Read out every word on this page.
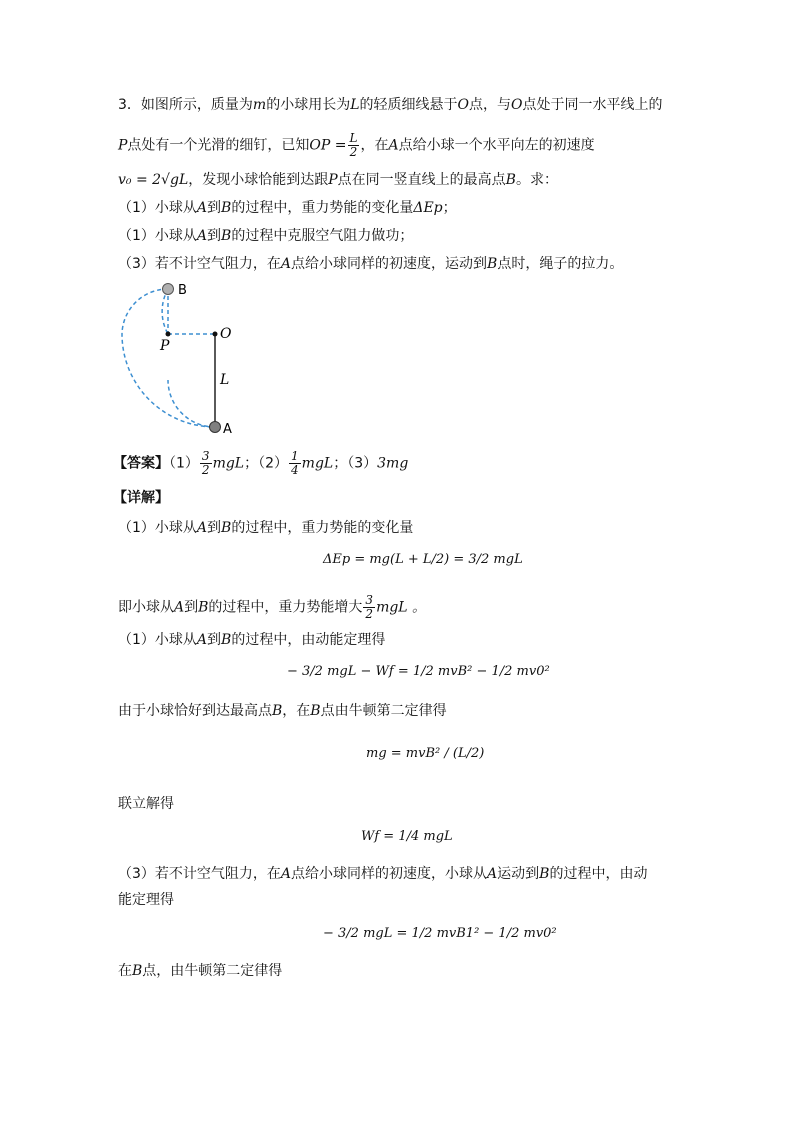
3．如图所示，质量为m的小球用长为L的轻质细线悬于O点，与O点处于同一水平线上的
P点处有一个光滑的细钉，已知OP = $\frac{L}{2}$ ，在A点给小球一个水平向左的初速度
v₀ = 2√gL，发现小球恰能到达跟P点在同一竖直线上的最高点B。求：
（1）小球从A到B的过程中，重力势能的变化量ΔEp；
（1）小球从A到B的过程中克服空气阻力做功；
（3）若不计空气阻力，在A点给小球同样的初速度，运动到B点时，绳子的拉力。
B
P
O
L
A
【答案】$(1) \frac{3}{2}$ mgL；$(2) \frac{1}{4}$ mgL；（3）3mg
【详解】
（1）小球从A到B的过程中，重力势能的变化量
ΔEp = mg(L + L/2) = 3/2 mgL
即小球从A到B的过程中，重力势能增大 $\frac{3}{2}$ mgL 。
（1）小球从A到B的过程中，由动能定理得
− 3/2 mgL − Wf = 1/2 mvB² − 1/2 mv0²
由于小球恰好到达最高点B，在B点由牛顿第二定律得
mg = mvB² / (L/2)
联立解得
Wf = 1/4 mgL
（3）若不计空气阻力，在A点给小球同样的初速度，小球从A运动到B的过程中，由动
能定理得
− 3/2 mgL = 1/2 mvB1² − 1/2 mv0²
在B点，由牛顿第二定律得
